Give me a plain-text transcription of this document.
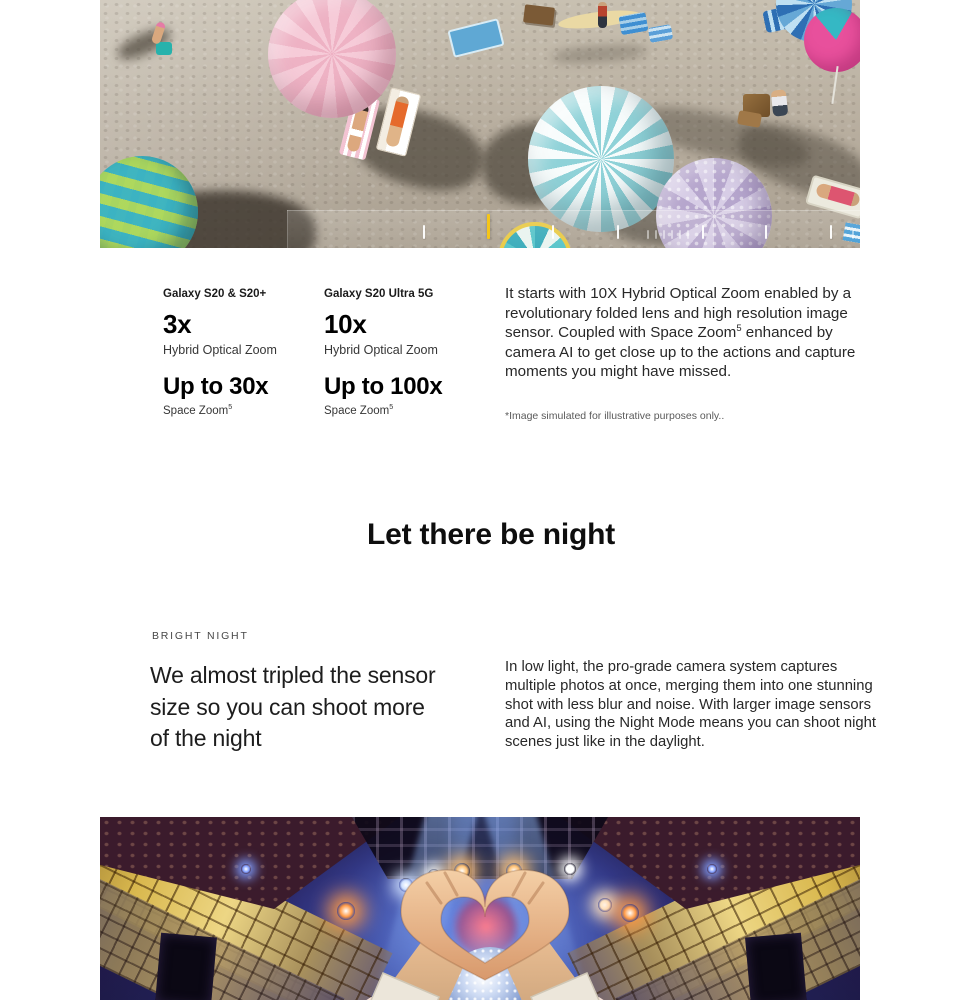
Galaxy S20 & S20+
3x
Hybrid Optical Zoom
Up to 30x
Space Zoom$^5$
Galaxy S20 Ultra 5G
10x
Hybrid Optical Zoom
Up to 100x
Space Zoom$^5$

It starts with 10X Hybrid Optical Zoom enabled by a revolutionary folded lens and high resolution image sensor. Coupled with Space Zoom$^5$ enhanced by camera AI to get close up to the actions and capture moments you might have missed.

*Image simulated for illustrative purposes only..

Let there be night
BRIGHT NIGHT
We almost tripled the sensor size so you can shoot more of the night

In low light, the pro-grade camera system captures multiple photos at once, merging them into one stunning shot with less blur and noise. With larger image sensors and AI, using the Night Mode means you can shoot night scenes just like in the daylight.
